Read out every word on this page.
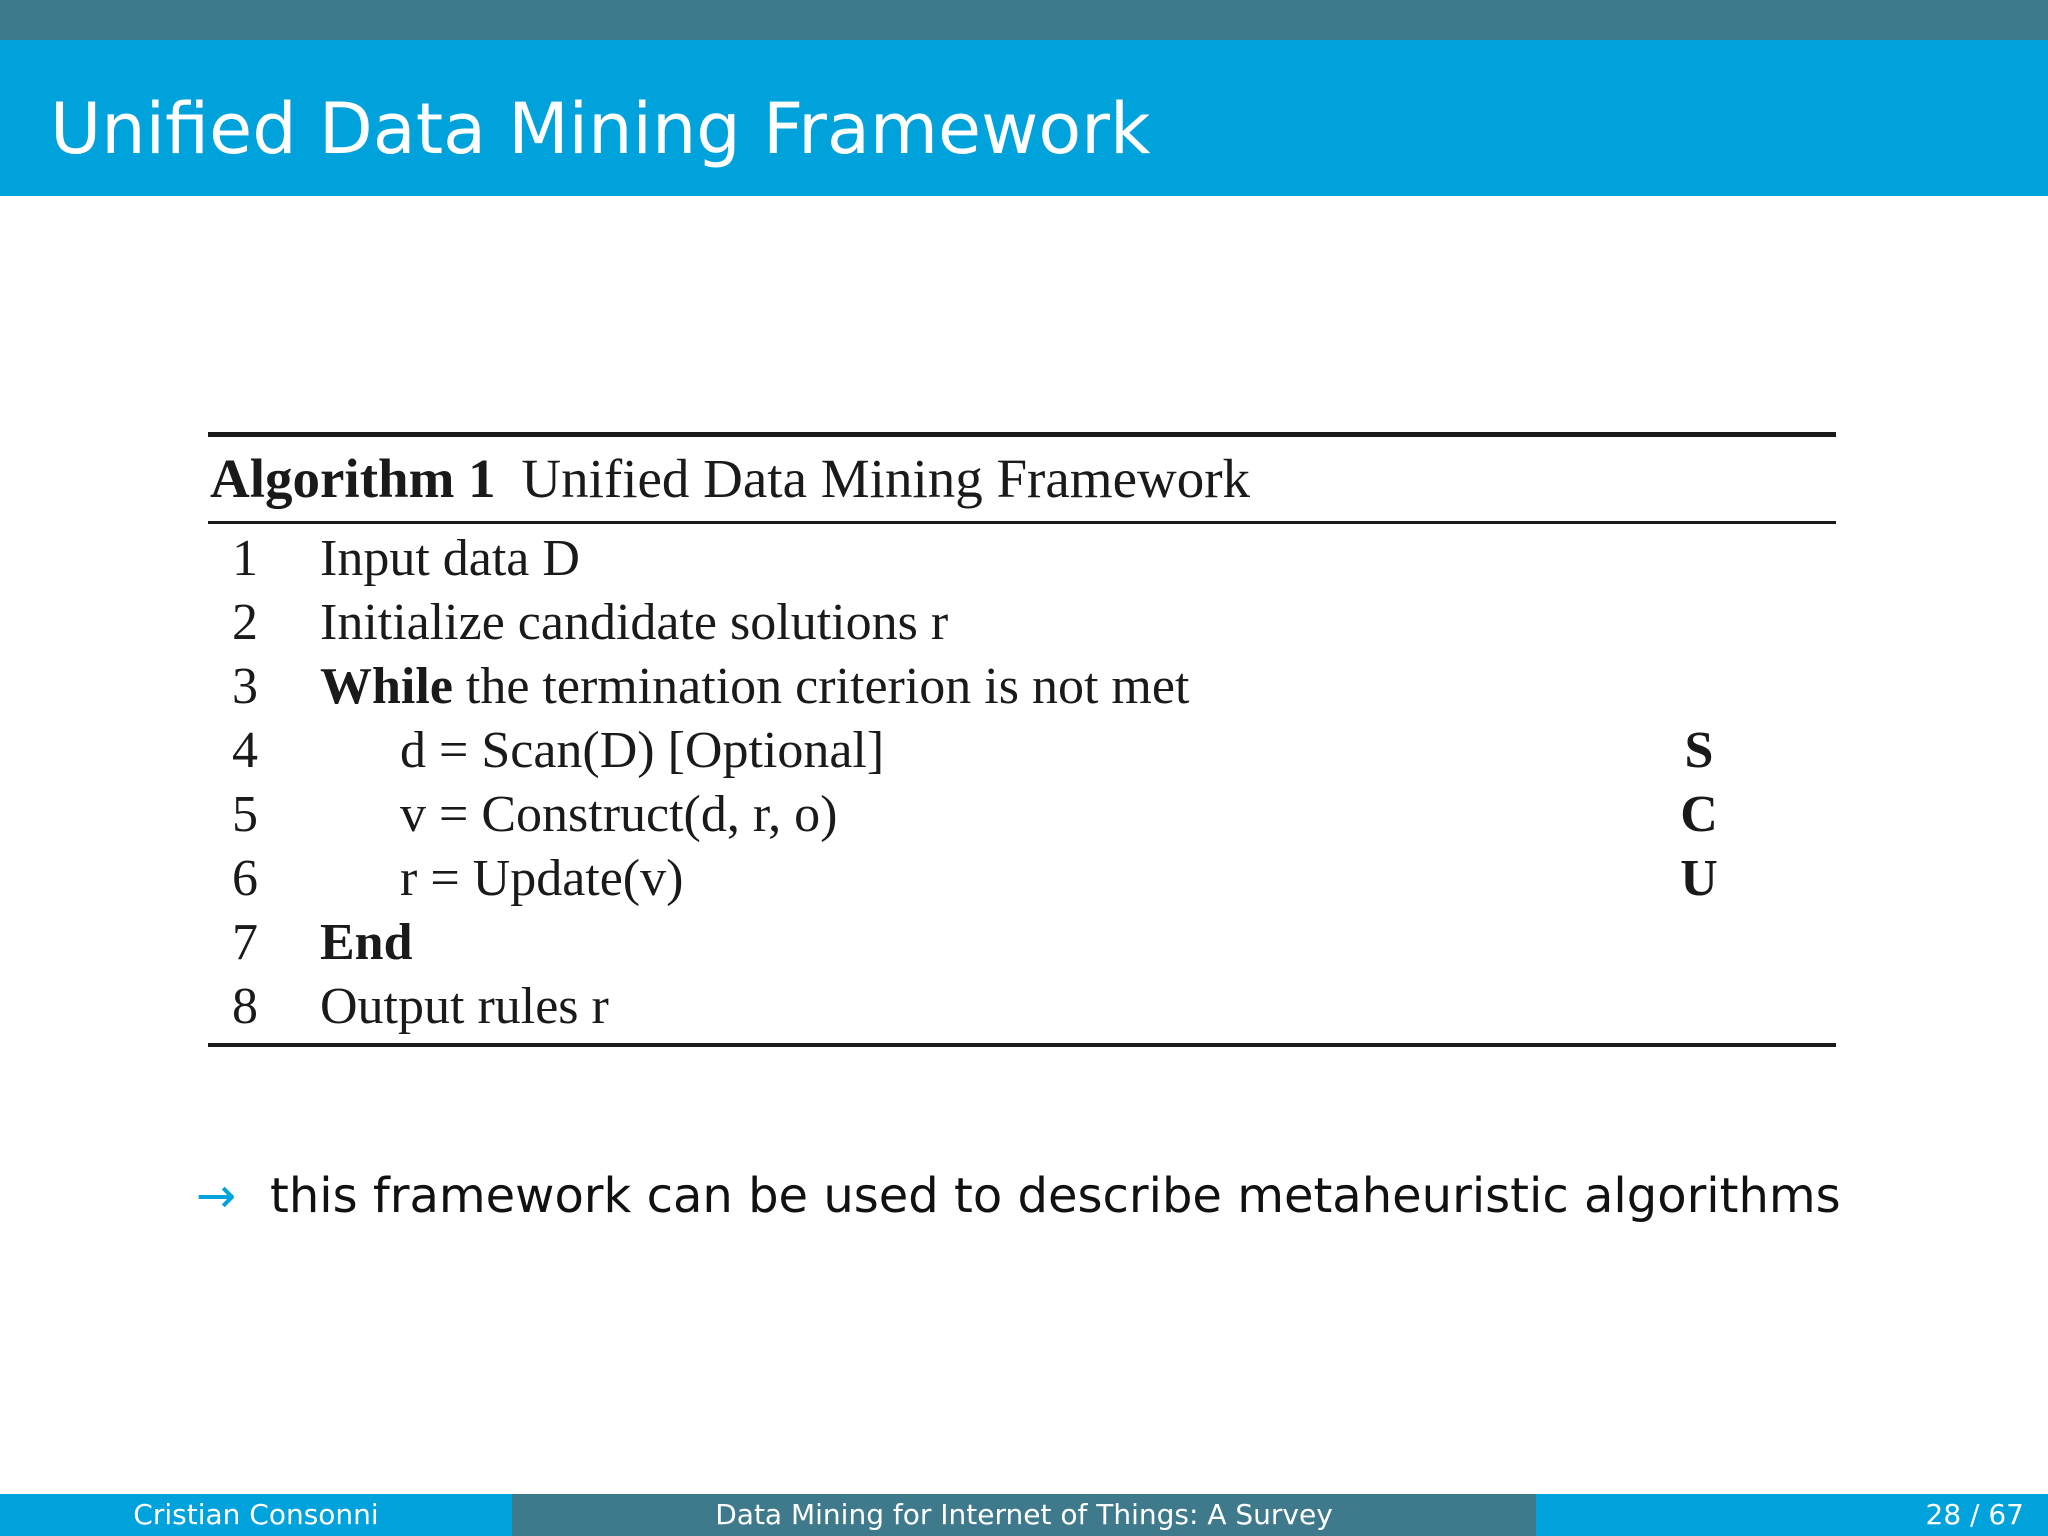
Unified Data Mining Framework
Algorithm 1 Unified Data Mining Framework
1 Input data D
2 Initialize candidate solutions r
3 While the termination criterion is not met
4	d = Scan(D) [Optional]	S
5	v = Construct(d, r, o)	C
6	r = Update(v)	U
7 End
8 Output rules r
→ this framework can be used to describe metaheuristic algorithms
Cristian Consonni	Data Mining for Internet of Things: A Survey	28 / 67
